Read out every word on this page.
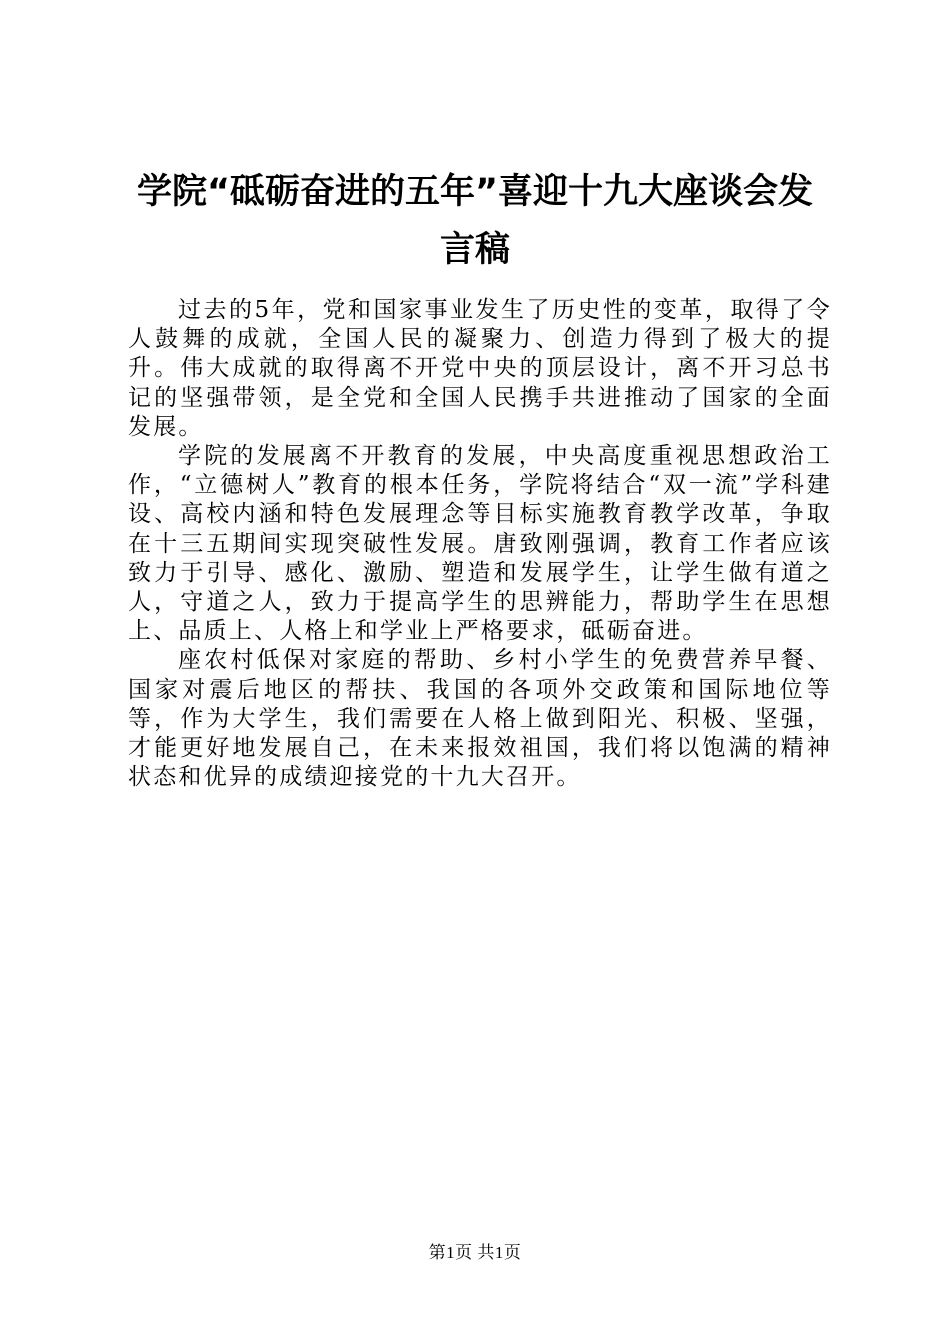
学院“砥砺奋进的五年”喜迎十九大座谈会发言稿

过去的5年，党和国家事业发生了历史性的变革，取得了令人鼓舞的成就，全国人民的凝聚力、创造力得到了极大的提升。伟大成就的取得离不开党中央的顶层设计，离不开习总书记的坚强带领，是全党和全国人民携手共进推动了国家的全面发展。

学院的发展离不开教育的发展，中央高度重视思想政治工作，“立德树人”教育的根本任务，学院将结合“双一流”学科建设、高校内涵和特色发展理念等目标实施教育教学改革，争取在十三五期间实现突破性发展。唐致刚强调，教育工作者应该致力于引导、感化、激励、塑造和发展学生，让学生做有道之人，守道之人，致力于提高学生的思辨能力，帮助学生在思想上、品质上、人格上和学业上严格要求，砥砺奋进。

座农村低保对家庭的帮助、乡村小学生的免费营养早餐、国家对震后地区的帮扶、我国的各项外交政策和国际地位等等，作为大学生，我们需要在人格上做到阳光、积极、坚强，才能更好地发展自己，在未来报效祖国，我们将以饱满的精神状态和优异的成绩迎接党的十九大召开。

第1页 共1页
